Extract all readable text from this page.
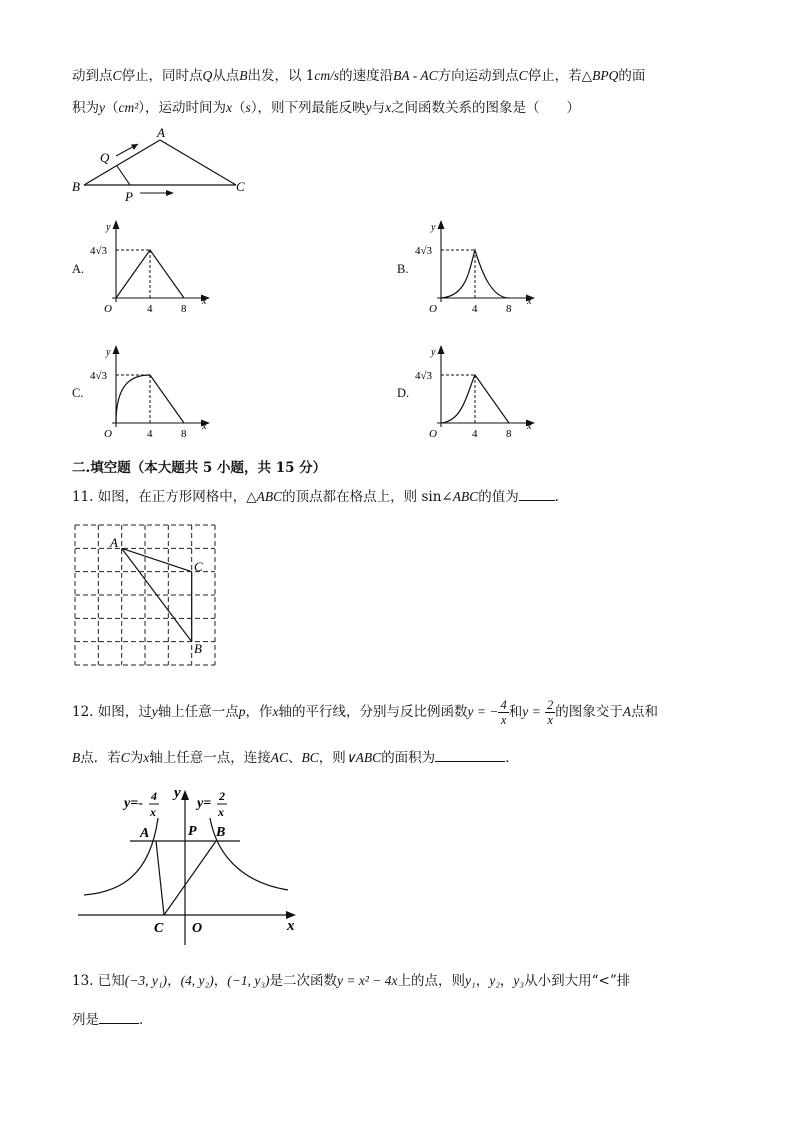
动到点C停止，同时点Q从点B出发，以 1cm/s的速度沿BA - AC方向运动到点C停止，若△BPQ的面
积为y（cm²），运动时间为x（s），则下列最能反映y与x之间函数关系的图象是（　　）
A
B	C
Q
P
A.	B.
C.	D.
y
x
O	4	8
4√3
y
x
O	4	8
4√3
y
x
O	4	8
4√3
y
x
O	4	8
4√3
二.填空题（本大题共 5 小题，共 15 分）
11. 如图，在正方形网格中，△ABC的顶点都在格点上，则 sin∠ABC的值为	．
A
C
B
12. 如图，过y轴上任意一点p，作x轴的平行线，分别与反比例函数y = − $\frac{4}{x}$ 和$y = \frac{2}{x}$ 的图象交于A点和
B点．若C为x轴上任意一点，连接AC、BC，则∨ABC的面积为	．
y=- 4
x
y= 2
x
y
x
A	P B
C O
13. 已知(−3, y₁)，(4, y₂)，(−1, y₃)是二次函数y = x² − 4x上的点，则y₁，y₂，y₃从小到大用“<”排
列是	．
